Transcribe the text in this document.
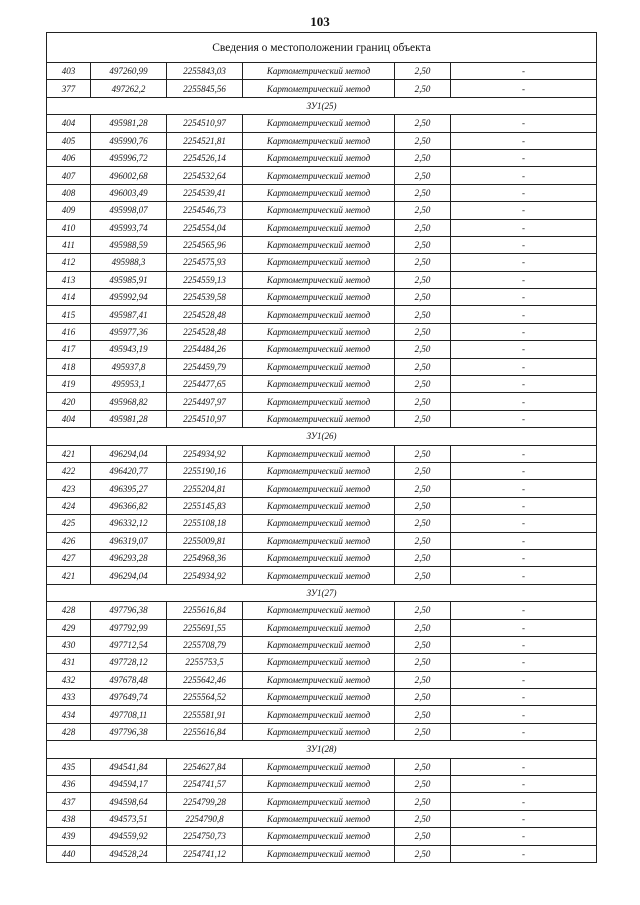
103
Сведения о местоположении границ объекта					
403	497260,99	2255843,03	Картометрический метод	2,50	-
377	497262,2	2255845,56	Картометрический метод	2,50	-
ЗУ1(25)					
404	495981,28	2254510,97	Картометрический метод	2,50	-
405	495990,76	2254521,81	Картометрический метод	2,50	-
406	495996,72	2254526,14	Картометрический метод	2,50	-
407	496002,68	2254532,64	Картометрический метод	2,50	-
408	496003,49	2254539,41	Картометрический метод	2,50	-
409	495998,07	2254546,73	Картометрический метод	2,50	-
410	495993,74	2254554,04	Картометрический метод	2,50	-
411	495988,59	2254565,96	Картометрический метод	2,50	-
412	495988,3	2254575,93	Картометрический метод	2,50	-
413	495985,91	2254559,13	Картометрический метод	2,50	-
414	495992,94	2254539,58	Картометрический метод	2,50	-
415	495987,41	2254528,48	Картометрический метод	2,50	-
416	495977,36	2254528,48	Картометрический метод	2,50	-
417	495943,19	2254484,26	Картометрический метод	2,50	-
418	495937,8	2254459,79	Картометрический метод	2,50	-
419	495953,1	2254477,65	Картометрический метод	2,50	-
420	495968,82	2254497,97	Картометрический метод	2,50	-
404	495981,28	2254510,97	Картометрический метод	2,50	-
ЗУ1(26)					
421	496294,04	2254934,92	Картометрический метод	2,50	-
422	496420,77	2255190,16	Картометрический метод	2,50	-
423	496395,27	2255204,81	Картометрический метод	2,50	-
424	496366,82	2255145,83	Картометрический метод	2,50	-
425	496332,12	2255108,18	Картометрический метод	2,50	-
426	496319,07	2255009,81	Картометрический метод	2,50	-
427	496293,28	2254968,36	Картометрический метод	2,50	-
421	496294,04	2254934,92	Картометрический метод	2,50	-
ЗУ1(27)					
428	497796,38	2255616,84	Картометрический метод	2,50	-
429	497792,99	2255691,55	Картометрический метод	2,50	-
430	497712,54	2255708,79	Картометрический метод	2,50	-
431	497728,12	2255753,5	Картометрический метод	2,50	-
432	497678,48	2255642,46	Картометрический метод	2,50	-
433	497649,74	2255564,52	Картометрический метод	2,50	-
434	497708,11	2255581,91	Картометрический метод	2,50	-
428	497796,38	2255616,84	Картометрический метод	2,50	-
ЗУ1(28)					
435	494541,84	2254627,84	Картометрический метод	2,50	-
436	494594,17	2254741,57	Картометрический метод	2,50	-
437	494598,64	2254799,28	Картометрический метод	2,50	-
438	494573,51	2254790,8	Картометрический метод	2,50	-
439	494559,92	2254750,73	Картометрический метод	2,50	-
440	494528,24	2254741,12	Картометрический метод	2,50	-
